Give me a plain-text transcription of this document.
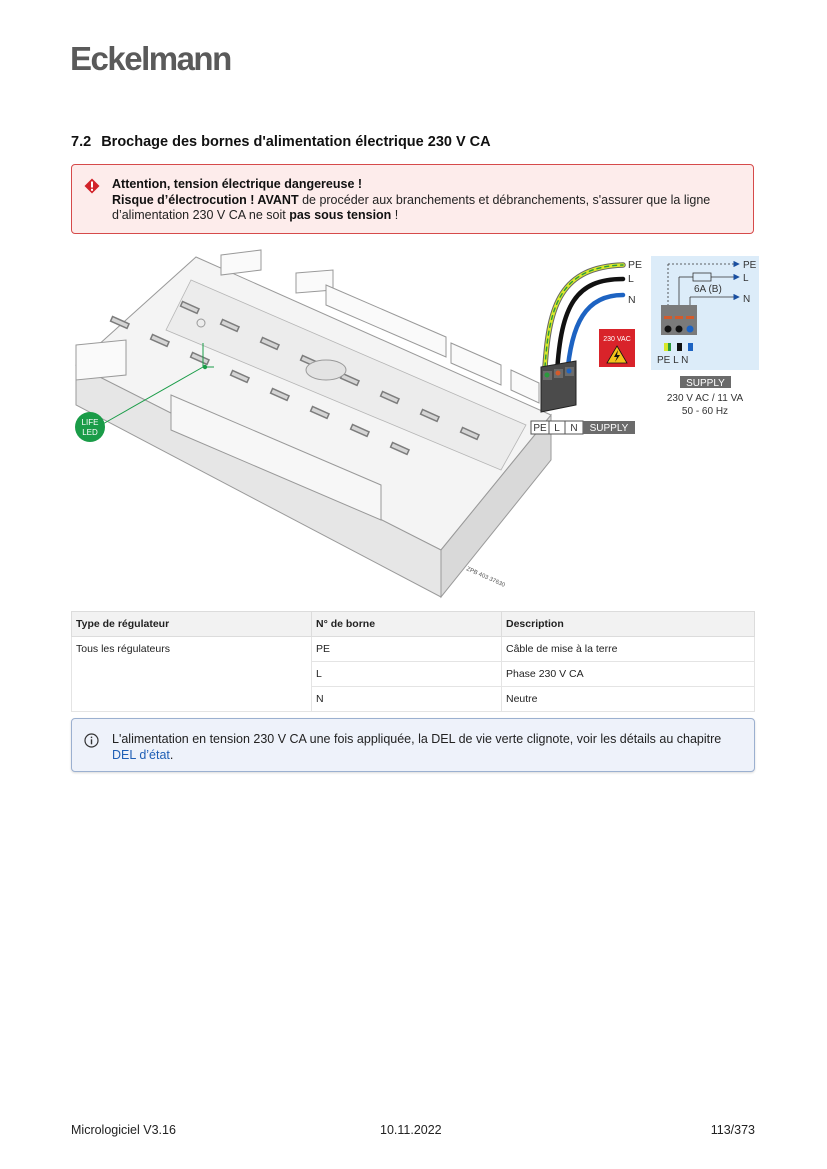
Eckelmann
7.2 Brochage des bornes d'alimentation électrique 230 V CA
Attention, tension électrique dangereuse !
Risque d’électrocution ! AVANT de procéder aux branchements et débranchements, s'assurer que la ligne d’alimentation 230 V CA ne soit pas sous tension !
ZPB 403 37630
LIFE
LED
PE
L
N
230 VAC
PE L N SUPPLY
PE
L
N
6A (B)
PE L N
SUPPLY
230 V AC / 11 VA
50 - 60 Hz
Type de régulateur	N° de borne	Description
Tous les régulateurs	PE	Câble de mise à la terre
	L	Phase 230 V CA
	N	Neutre
L'alimentation en tension 230 V CA une fois appliquée, la DEL de vie verte clignote, voir les détails au chapitre DEL d’état.
Micrologiciel V3.16	10.11.2022	113/373
